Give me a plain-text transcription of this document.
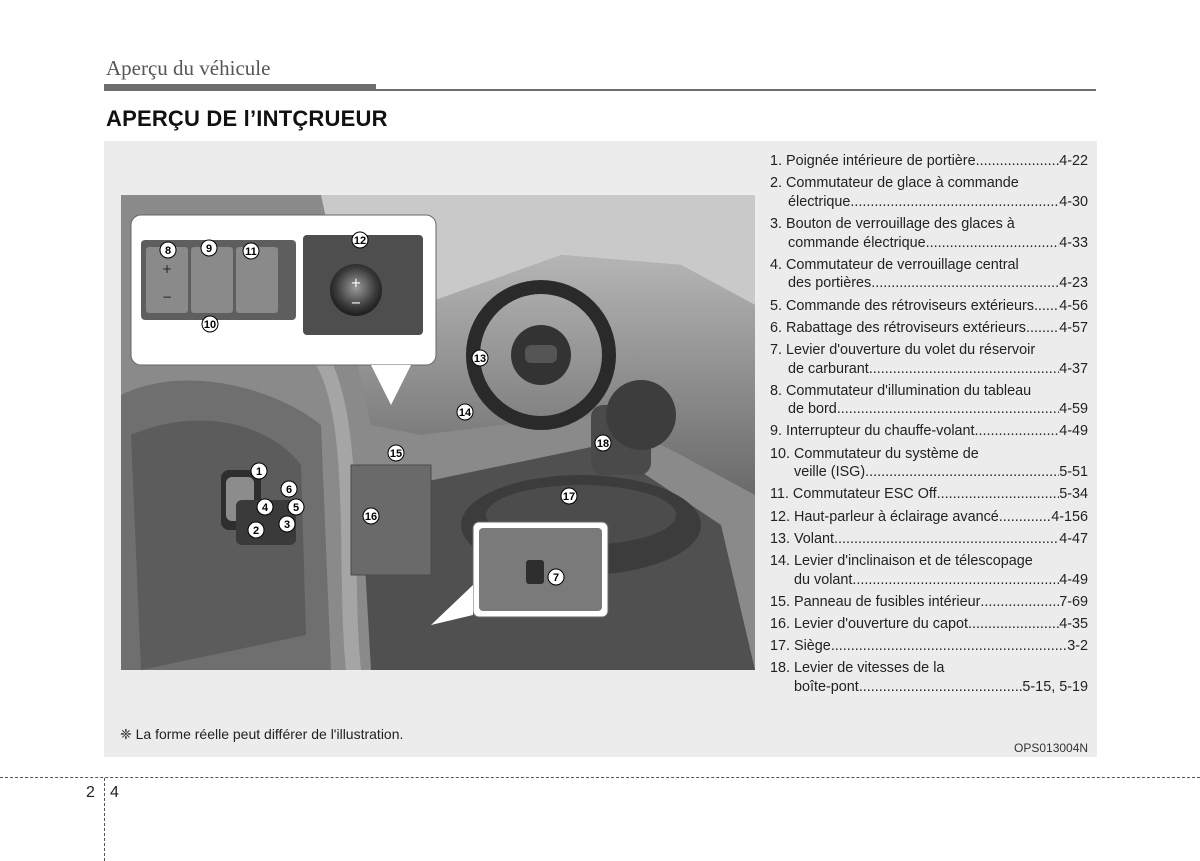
Aperçu du véhicule
APERÇU DE l’INTÇRUEUR
+
−
+
−
1
2 3
4 5
6
7
8	9
10
11
12
13
14
15
16
17
18
❈ La forme réelle peut différer de l'illustration.
OPS013004N
1. Poignée intérieure de portière .....	4-22
2. Commutateur de glace à commande
électrique .....	4-30
3. Bouton de verrouillage des glaces à
commande électrique .....	4-33
4. Commutateur de verrouillage central
des portières .....	4-23
5. Commande des rétroviseurs extérieurs ..... 4-56
6. Rabattage des rétroviseurs extérieurs ..... 4-57
7. Levier d'ouverture du volet du réservoir
de carburant .....	4-37
8. Commutateur d'illumination du tableau
de bord .....	4-59
9. Interrupteur du chauffe-volant .....	4-49
10. Commutateur du système de
veille (ISG) .....	5-51
11. Commutateur ESC Off .....	5-34
12. Haut-parleur à éclairage avancé .....	4-156
13. Volant .....	4-47
14. Levier d'inclinaison et de télescopage
du volant .....	4-49
15. Panneau de fusibles intérieur .....	7-69
16. Levier d'ouverture du capot .....	4-35
17. Siège .....	3-2
18. Levier de vitesses de la
boîte-pont .....	5-15, 5-19
2 4
